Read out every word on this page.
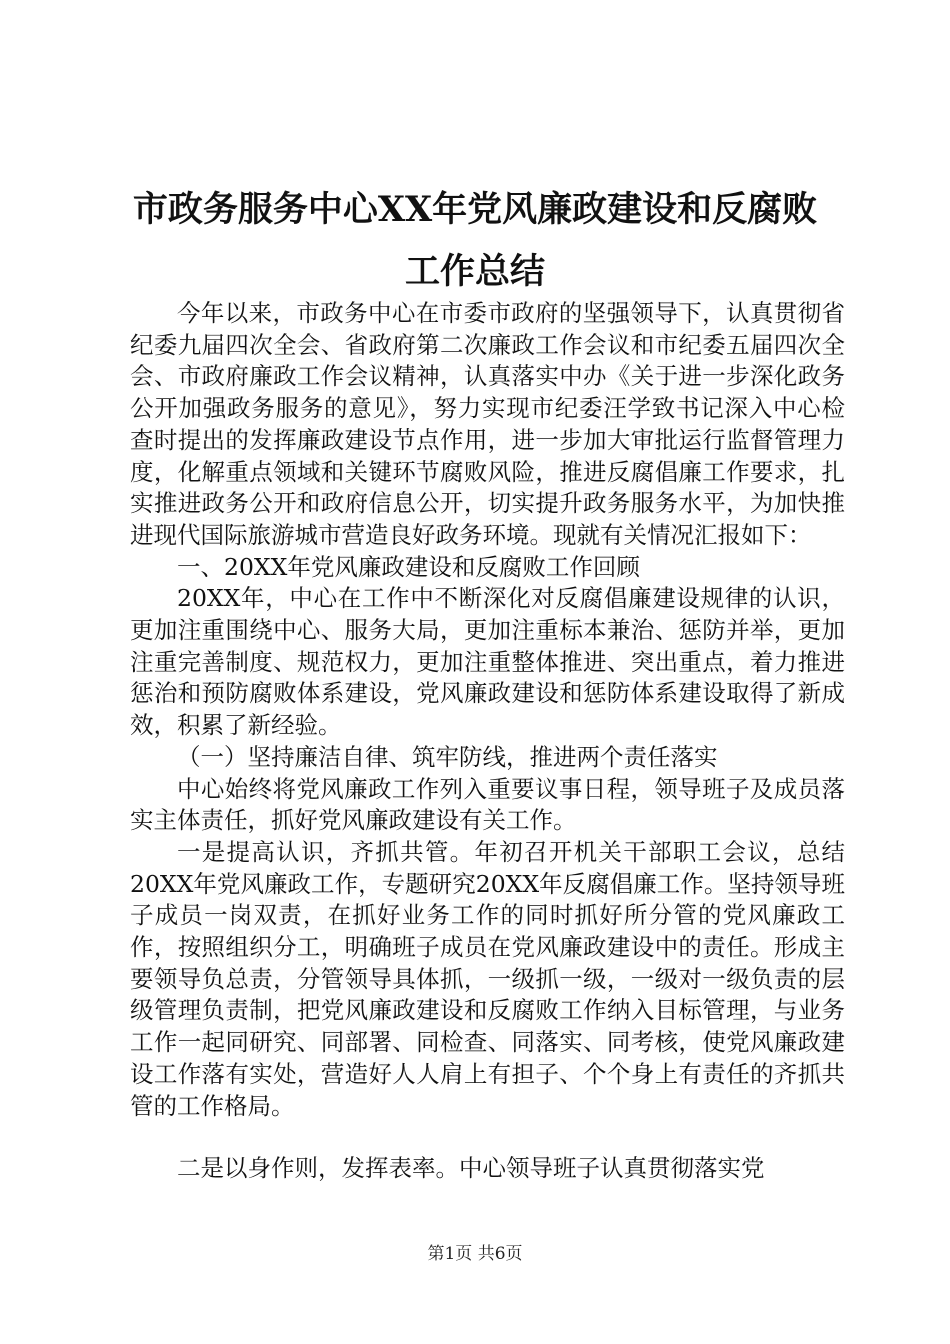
市政务服务中心XX年党风廉政建设和反腐败
工作总结

今年以来，市政务中心在市委市政府的坚强领导下，认真贯彻省纪委九届四次全会、省政府第二次廉政工作会议和市纪委五届四次全会、市政府廉政工作会议精神，认真落实中办《关于进一步深化政务公开加强政务服务的意见》，努力实现市纪委汪学致书记深入中心检查时提出的发挥廉政建设节点作用，进一步加大审批运行监督管理力度，化解重点领域和关键环节腐败风险，推进反腐倡廉工作要求，扎实推进政务公开和政府信息公开，切实提升政务服务水平，为加快推进现代国际旅游城市营造良好政务环境。现就有关情况汇报如下：

一、20XX年党风廉政建设和反腐败工作回顾

20XX年，中心在工作中不断深化对反腐倡廉建设规律的认识，更加注重围绕中心、服务大局，更加注重标本兼治、惩防并举，更加注重完善制度、规范权力，更加注重整体推进、突出重点，着力推进惩治和预防腐败体系建设，党风廉政建设和惩防体系建设取得了新成效，积累了新经验。

（一）坚持廉洁自律、筑牢防线，推进两个责任落实

中心始终将党风廉政工作列入重要议事日程，领导班子及成员落实主体责任，抓好党风廉政建设有关工作。

一是提高认识，齐抓共管。年初召开机关干部职工会议，总结20XX年党风廉政工作，专题研究20XX年反腐倡廉工作。坚持领导班子成员一岗双责，在抓好业务工作的同时抓好所分管的党风廉政工作，按照组织分工，明确班子成员在党风廉政建设中的责任。形成主要领导负总责，分管领导具体抓，一级抓一级，一级对一级负责的层级管理负责制，把党风廉政建设和反腐败工作纳入目标管理，与业务工作一起同研究、同部署、同检查、同落实、同考核，使党风廉政建设工作落有实处，营造好人人肩上有担子、个个身上有责任的齐抓共管的工作格局。

二是以身作则，发挥表率。中心领导班子认真贯彻落实党

第1页 共6页
